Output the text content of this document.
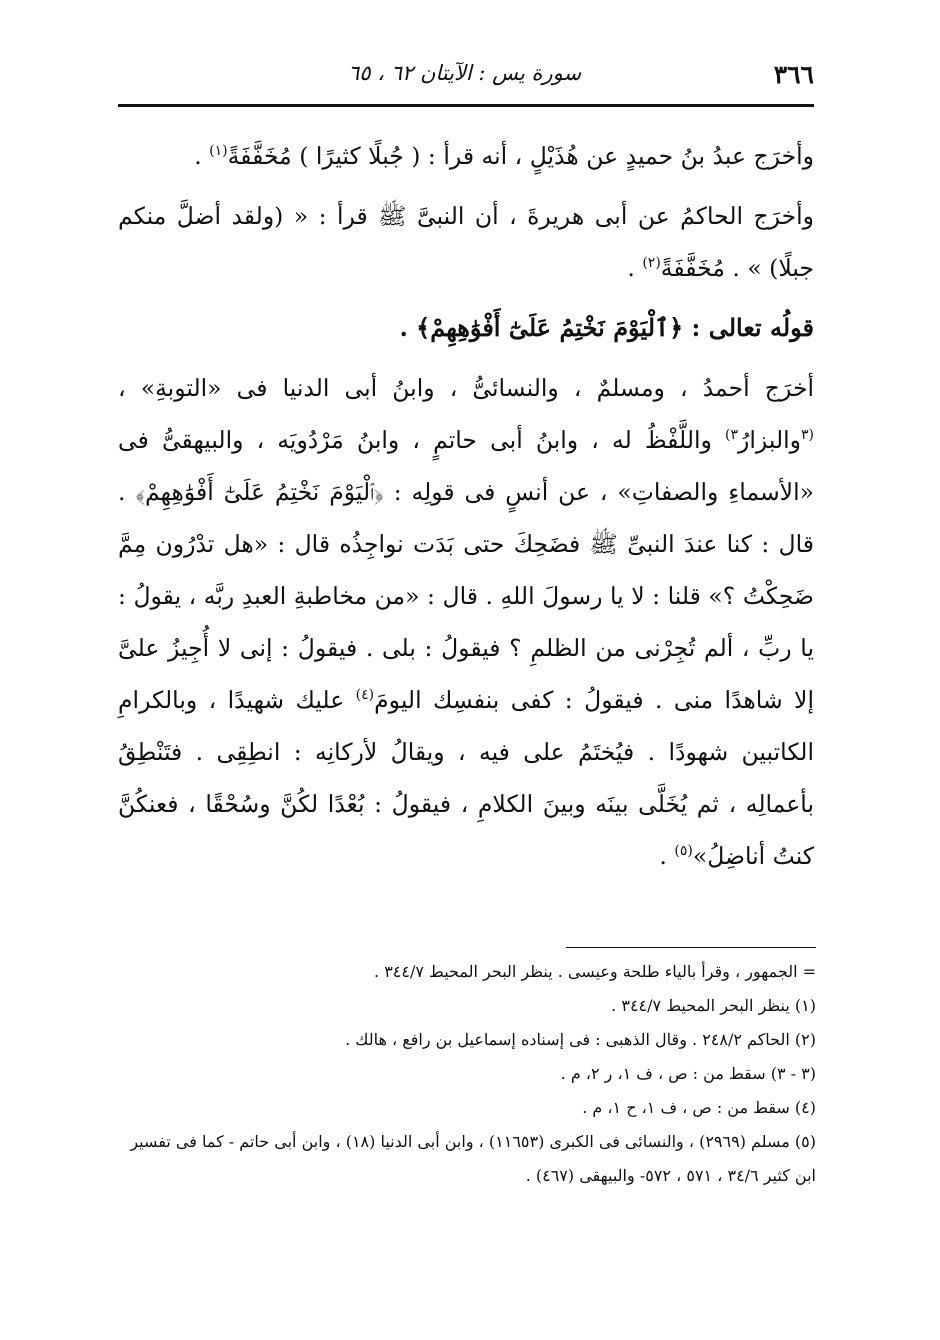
٣٦٦
سورة يس : الآيتان ٦٢ ، ٦٥

وأخرَج عبدُ بنُ حميدٍ عن هُذَيْلٍ ، أنه قرأ : ( جُبلًا كثيرًا ) مُخَفَّفَةً$^{(١)}$ .

وأخرَج الحاكمُ عن أبى هريرةَ ، أن النبىَّ ﷺ قرأ : « (ولقد أضلَّ منكم جبلًا) » . مُخَفَّفَةً$^{(٢)}$ .

قولُه تعالى : ﴿ٱلْيَوْمَ نَخْتِمُ عَلَىٰٓ أَفْوَٰهِهِمْ﴾ .

أخرَج أحمدُ ، ومسلمٌ ، والنسائىُّ ، وابنُ أبى الدنيا فى «التوبةِ» ، $^{(٣}$والبزارُ$^{٣)}$ واللَّفْظُ له ، وابنُ أبى حاتمٍ ، وابنُ مَرْدُويَه ، والبيهقىُّ فى «الأسماءِ والصفاتِ» ، عن أنسٍ فى قولِه : ﴿ٱلْيَوْمَ نَخْتِمُ عَلَىٰٓ أَفْوَٰهِهِمْ﴾ . قال : كنا عندَ النبىِّ ﷺ فضَحِكَ حتى بَدَت نواجِذُه قال : «هل تدْرُون مِمَّ ضَحِكْتُ ؟» قلنا : لا يا رسولَ اللهِ . قال : «من مخاطبةِ العبدِ ربَّه ، يقولُ : يا ربِّ ، ألم تُجِرْنى من الظلمِ ؟ فيقولُ : بلى . فيقولُ : إنى لا أُجِيزُ علىَّ إلا شاهدًا منى . فيقولُ : كفى بنفسِك اليومَ$^{(٤)}$ عليك شهيدًا ، وبالكرامِ الكاتبين شهودًا . فيُختَمُ على فيه ، ويقالُ لأركانِه : انطِقِى . فتَنْطِقُ بأعمالِه ، ثم يُخَلَّى بينَه وبينَ الكلامِ ، فيقولُ : بُعْدًا لكُنَّ وسُحْقًا ، فعنكُنَّ كنتُ أناضِلُ»$^{(٥)}$ .

= الجمهور ، وقرأ بالياء طلحة وعيسى . ينظر البحر المحيط ٣٤٤/٧ .

(١) ينظر البحر المحيط ٣٤٤/٧ .

(٢) الحاكم ٢٤٨/٢ . وقال الذهبى : فى إسناده إسماعيل بن رافع ، هالك .

(٣ - ٣) سقط من : ص ، ف ١، ر ٢، م .

(٤) سقط من : ص ، ف ١، ح ١، م .

(٥) مسلم (٢٩٦٩) ، والنسائى فى الكبرى (١١٦٥٣) ، وابن أبى الدنيا (١٨) ، وابن أبى حاتم - كما فى تفسير ابن كثير ٣٤/٦ ، ٥٧١ ، ٥٧٢- والبيهقى (٤٦٧) .
